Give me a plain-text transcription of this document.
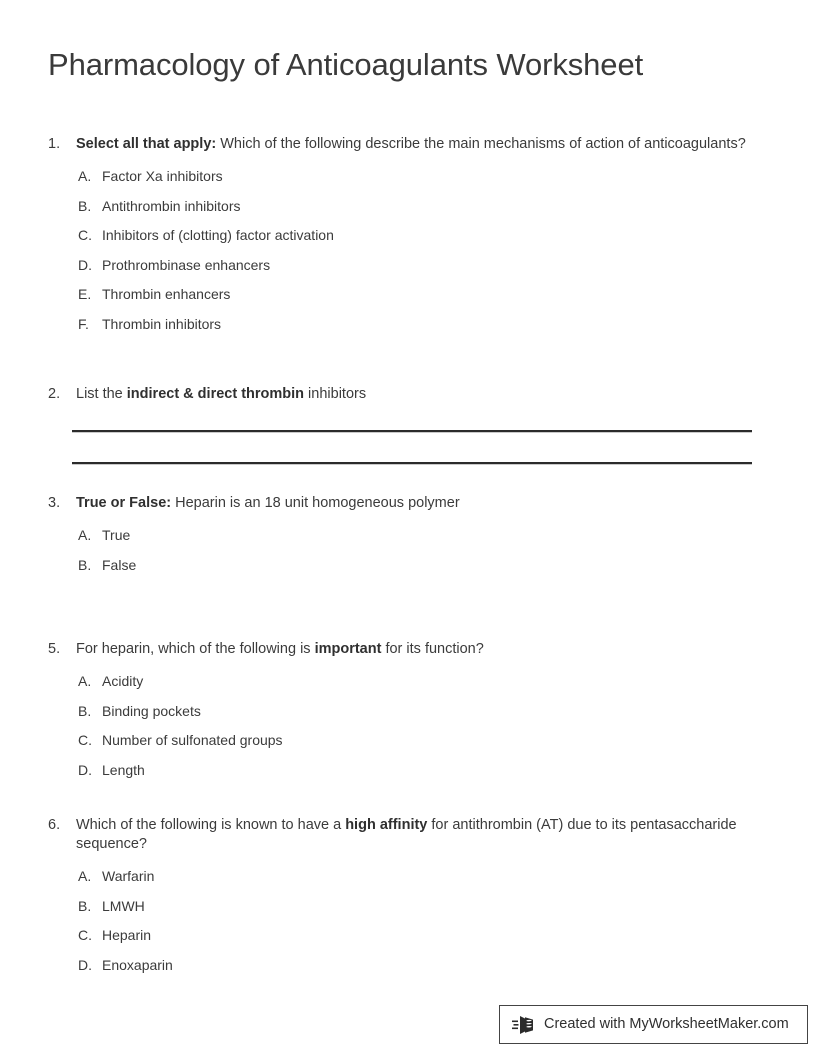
Pharmacology of Anticoagulants Worksheet
1.	Select all that apply: Which of the following describe the main mechanisms of action of anticoagulants?
A. Factor Xa inhibitors
B. Antithrombin inhibitors
C. Inhibitors of (clotting) factor activation
D. Prothrombinase enhancers
E. Thrombin enhancers
F. Thrombin inhibitors
2.	List the indirect & direct thrombin inhibitors
3.	True or False: Heparin is an 18 unit homogeneous polymer
A. True
B. False
5.	For heparin, which of the following is important for its function?
A. Acidity
B. Binding pockets
C. Number of sulfonated groups
D. Length
6.	Which of the following is known to have a high affinity for antithrombin (AT) due to its pentasaccharide sequence?
A. Warfarin
B. LMWH
C. Heparin
D. Enoxaparin
Created with MyWorksheetMaker.com
